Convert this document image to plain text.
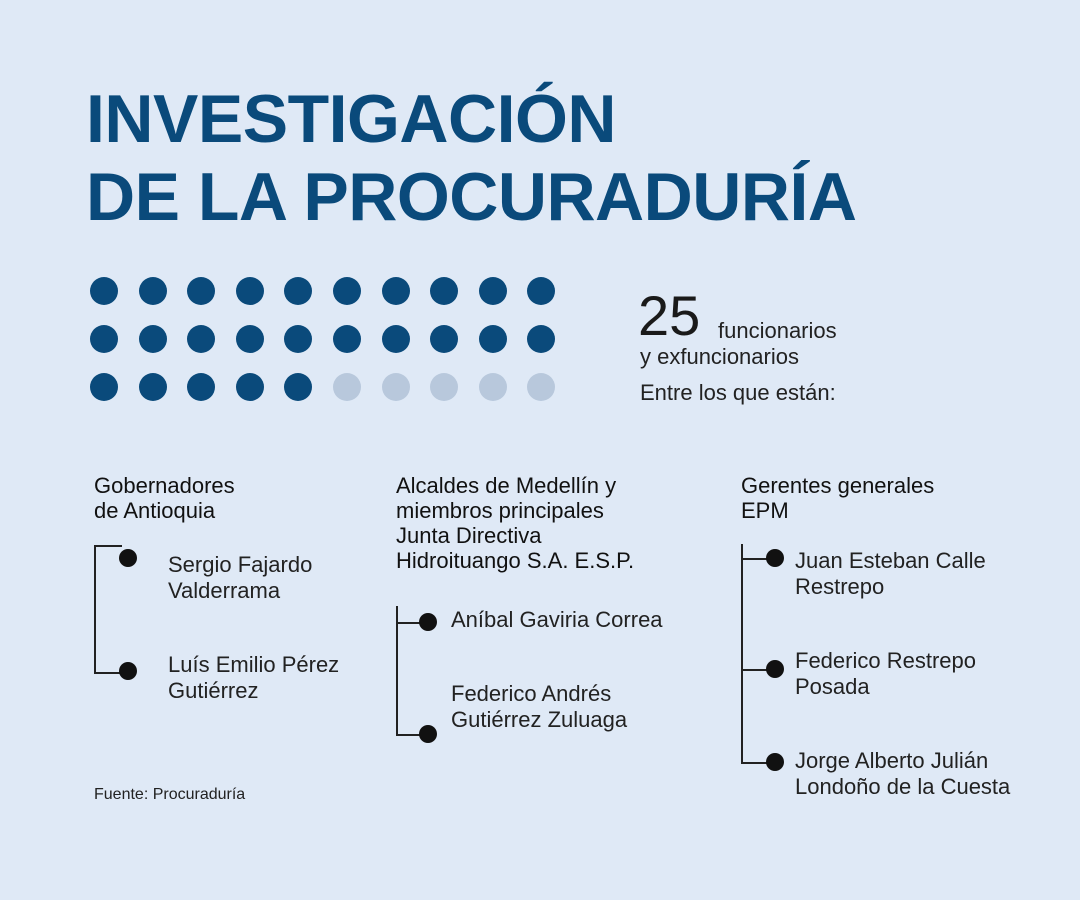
INVESTIGACIÓN
DE LA PROCURADURÍA
25 funcionarios
y exfuncionarios
Entre los que están:
Gobernadores
de Antioquia
Sergio Fajardo
Valderrama
Luís Emilio Pérez
Gutiérrez
Alcaldes de Medellín y
miembros principales
Junta Directiva
Hidroituango S.A. E.S.P.
Aníbal Gaviria Correa
Federico Andrés
Gutiérrez Zuluaga
Gerentes generales
EPM
Juan Esteban Calle
Restrepo
Federico Restrepo
Posada
Jorge Alberto Julián
Londoño de la Cuesta
Fuente: Procuraduría
